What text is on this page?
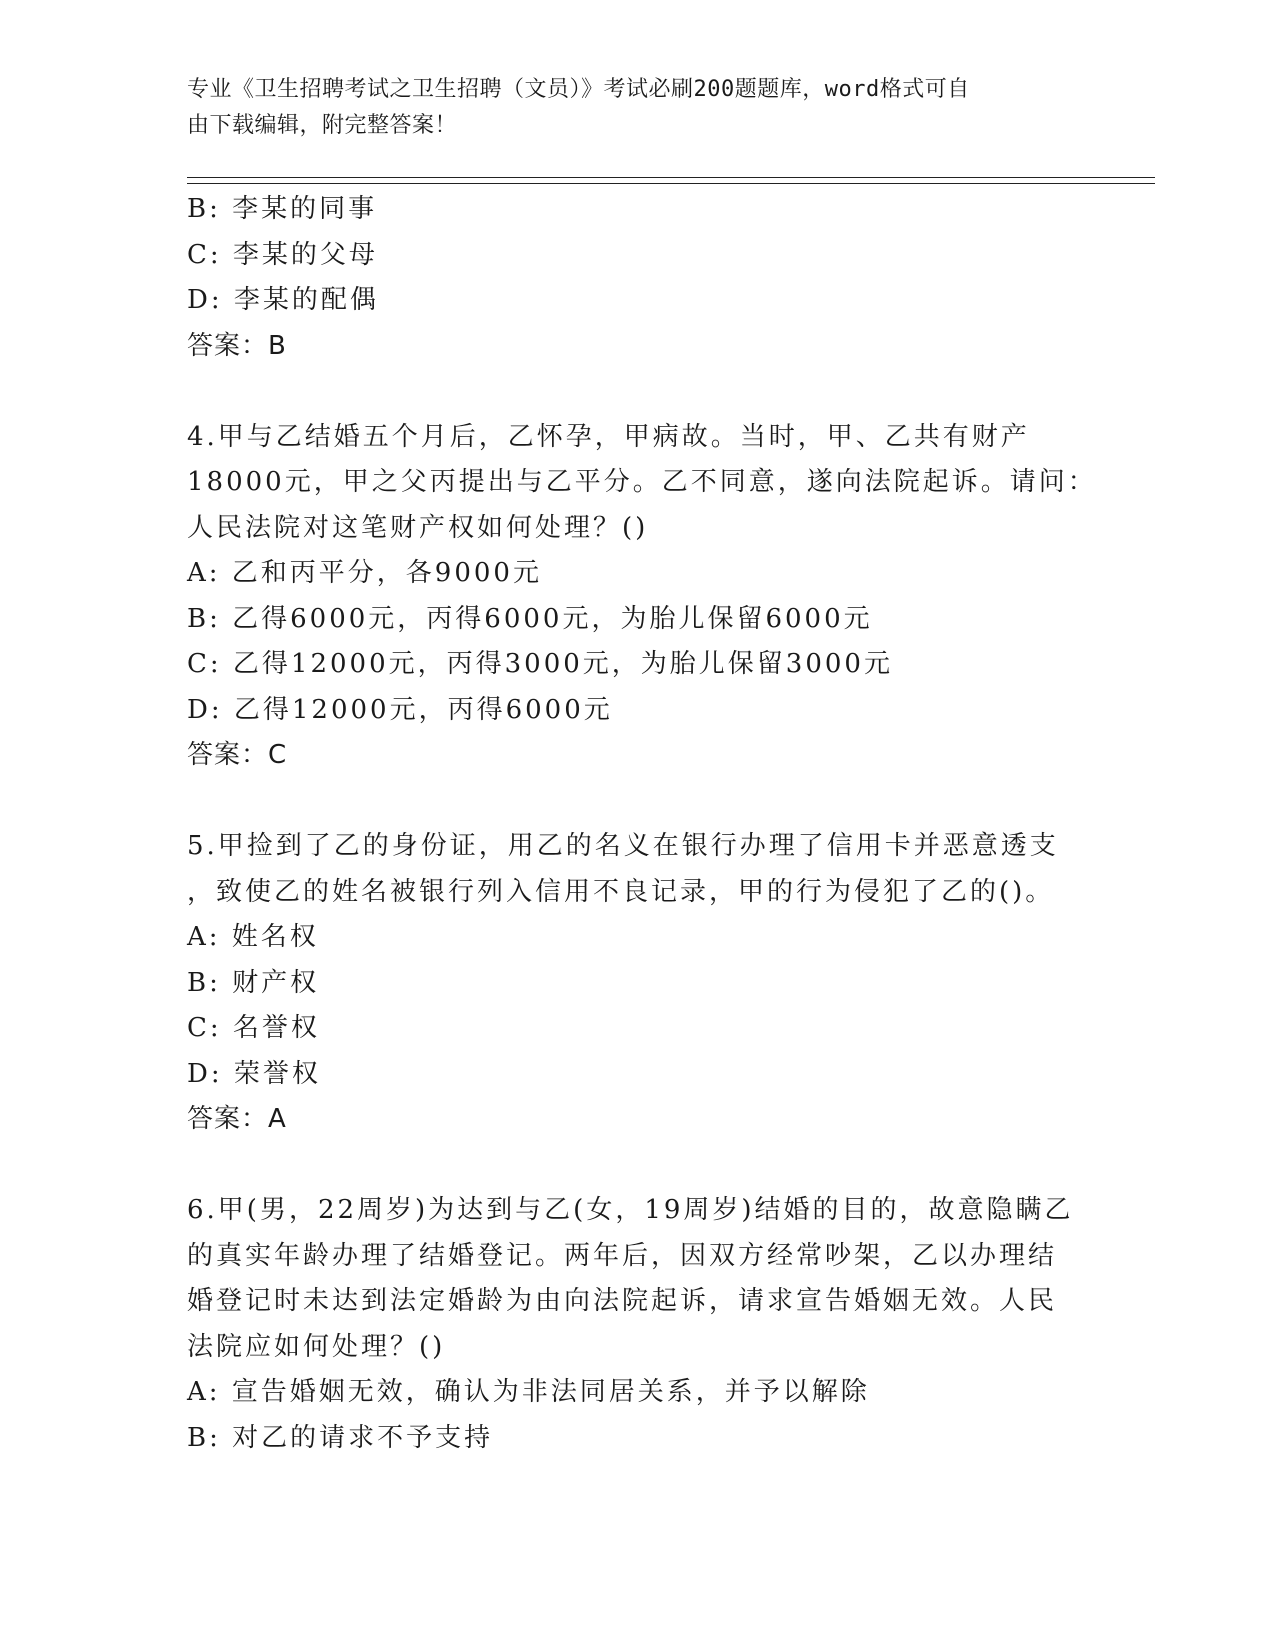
专业《卫生招聘考试之卫生招聘（文员）》考试必刷200题题库，word格式可自
由下载编辑，附完整答案！
B: 李某的同事
C: 李某的父母
D: 李某的配偶
答案：B
4.甲与乙结婚五个月后，乙怀孕，甲病故。当时，甲、乙共有财产
18000元，甲之父丙提出与乙平分。乙不同意，遂向法院起诉。请问：
人民法院对这笔财产权如何处理？()
A: 乙和丙平分，各9000元
B: 乙得6000元，丙得6000元，为胎儿保留6000元
C: 乙得12000元，丙得3000元，为胎儿保留3000元
D: 乙得12000元，丙得6000元
答案：C
5.甲捡到了乙的身份证，用乙的名义在银行办理了信用卡并恶意透支
，致使乙的姓名被银行列入信用不良记录，甲的行为侵犯了乙的()。
A: 姓名权
B: 财产权
C: 名誉权
D: 荣誉权
答案：A
6.甲(男，22周岁)为达到与乙(女，19周岁)结婚的目的，故意隐瞒乙
的真实年龄办理了结婚登记。两年后，因双方经常吵架，乙以办理结
婚登记时未达到法定婚龄为由向法院起诉，请求宣告婚姻无效。人民
法院应如何处理？()
A: 宣告婚姻无效，确认为非法同居关系，并予以解除
B: 对乙的请求不予支持
